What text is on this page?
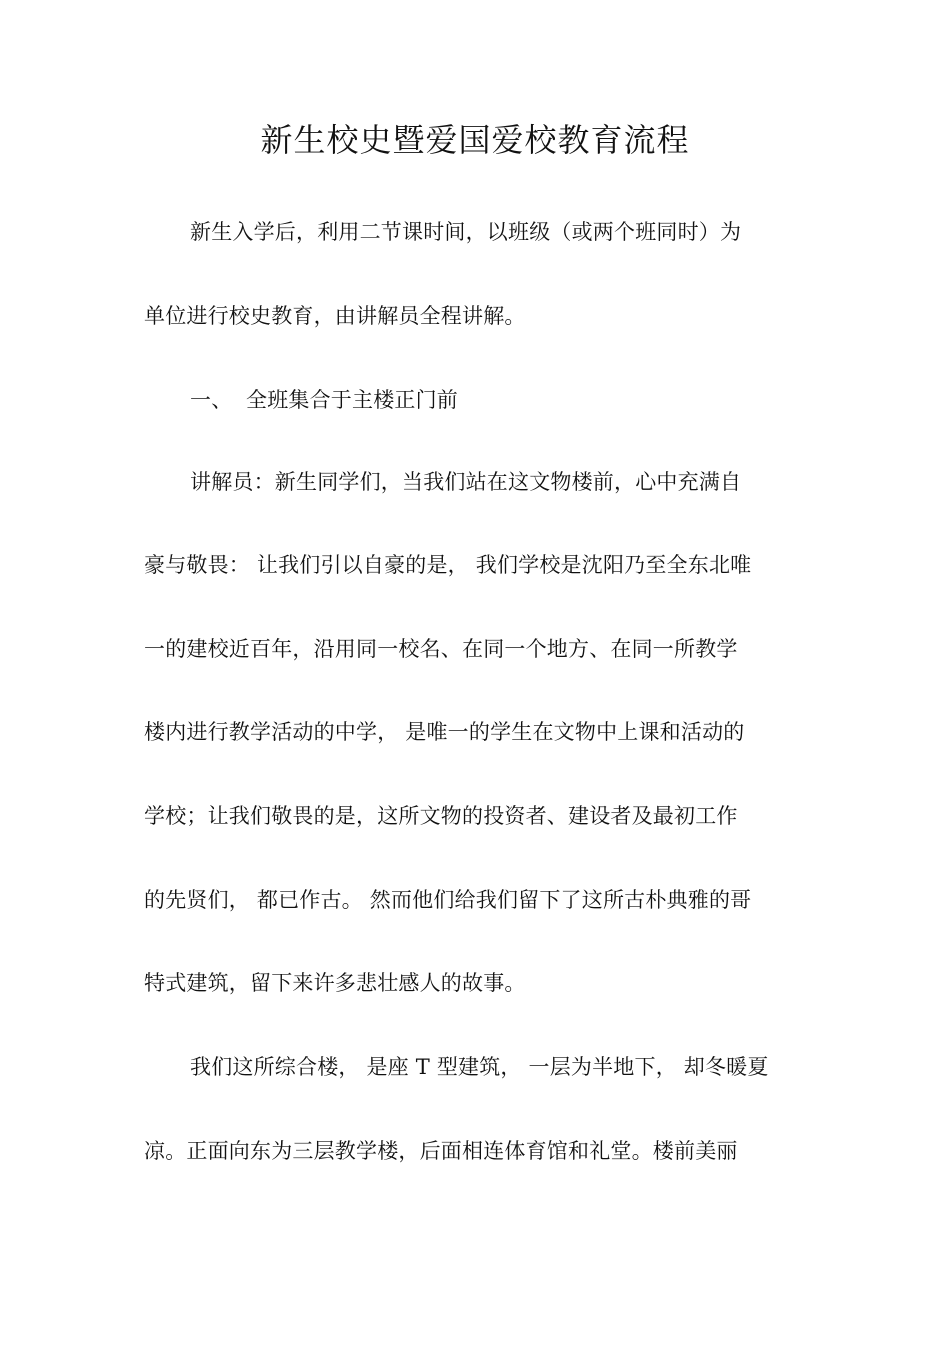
新生校史暨爱国爱校教育流程
新生入学后，利用二节课时间，以班级（或两个班同时）为
单位进行校史教育，由讲解员全程讲解。
一、 全班集合于主楼正门前
讲解员：新生同学们，当我们站在这文物楼前，心中充满自
豪与敬畏： 让我们引以自豪的是， 我们学校是沈阳乃至全东北唯
一的建校近百年，沿用同一校名、在同一个地方、在同一所教学
楼内进行教学活动的中学， 是唯一的学生在文物中上课和活动的
学校；让我们敬畏的是，这所文物的投资者、建设者及最初工作
的先贤们， 都已作古。 然而他们给我们留下了这所古朴典雅的哥
特式建筑，留下来许多悲壮感人的故事。
我们这所综合楼， 是座 T 型建筑， 一层为半地下， 却冬暖夏
凉。正面向东为三层教学楼，后面相连体育馆和礼堂。楼前美丽
